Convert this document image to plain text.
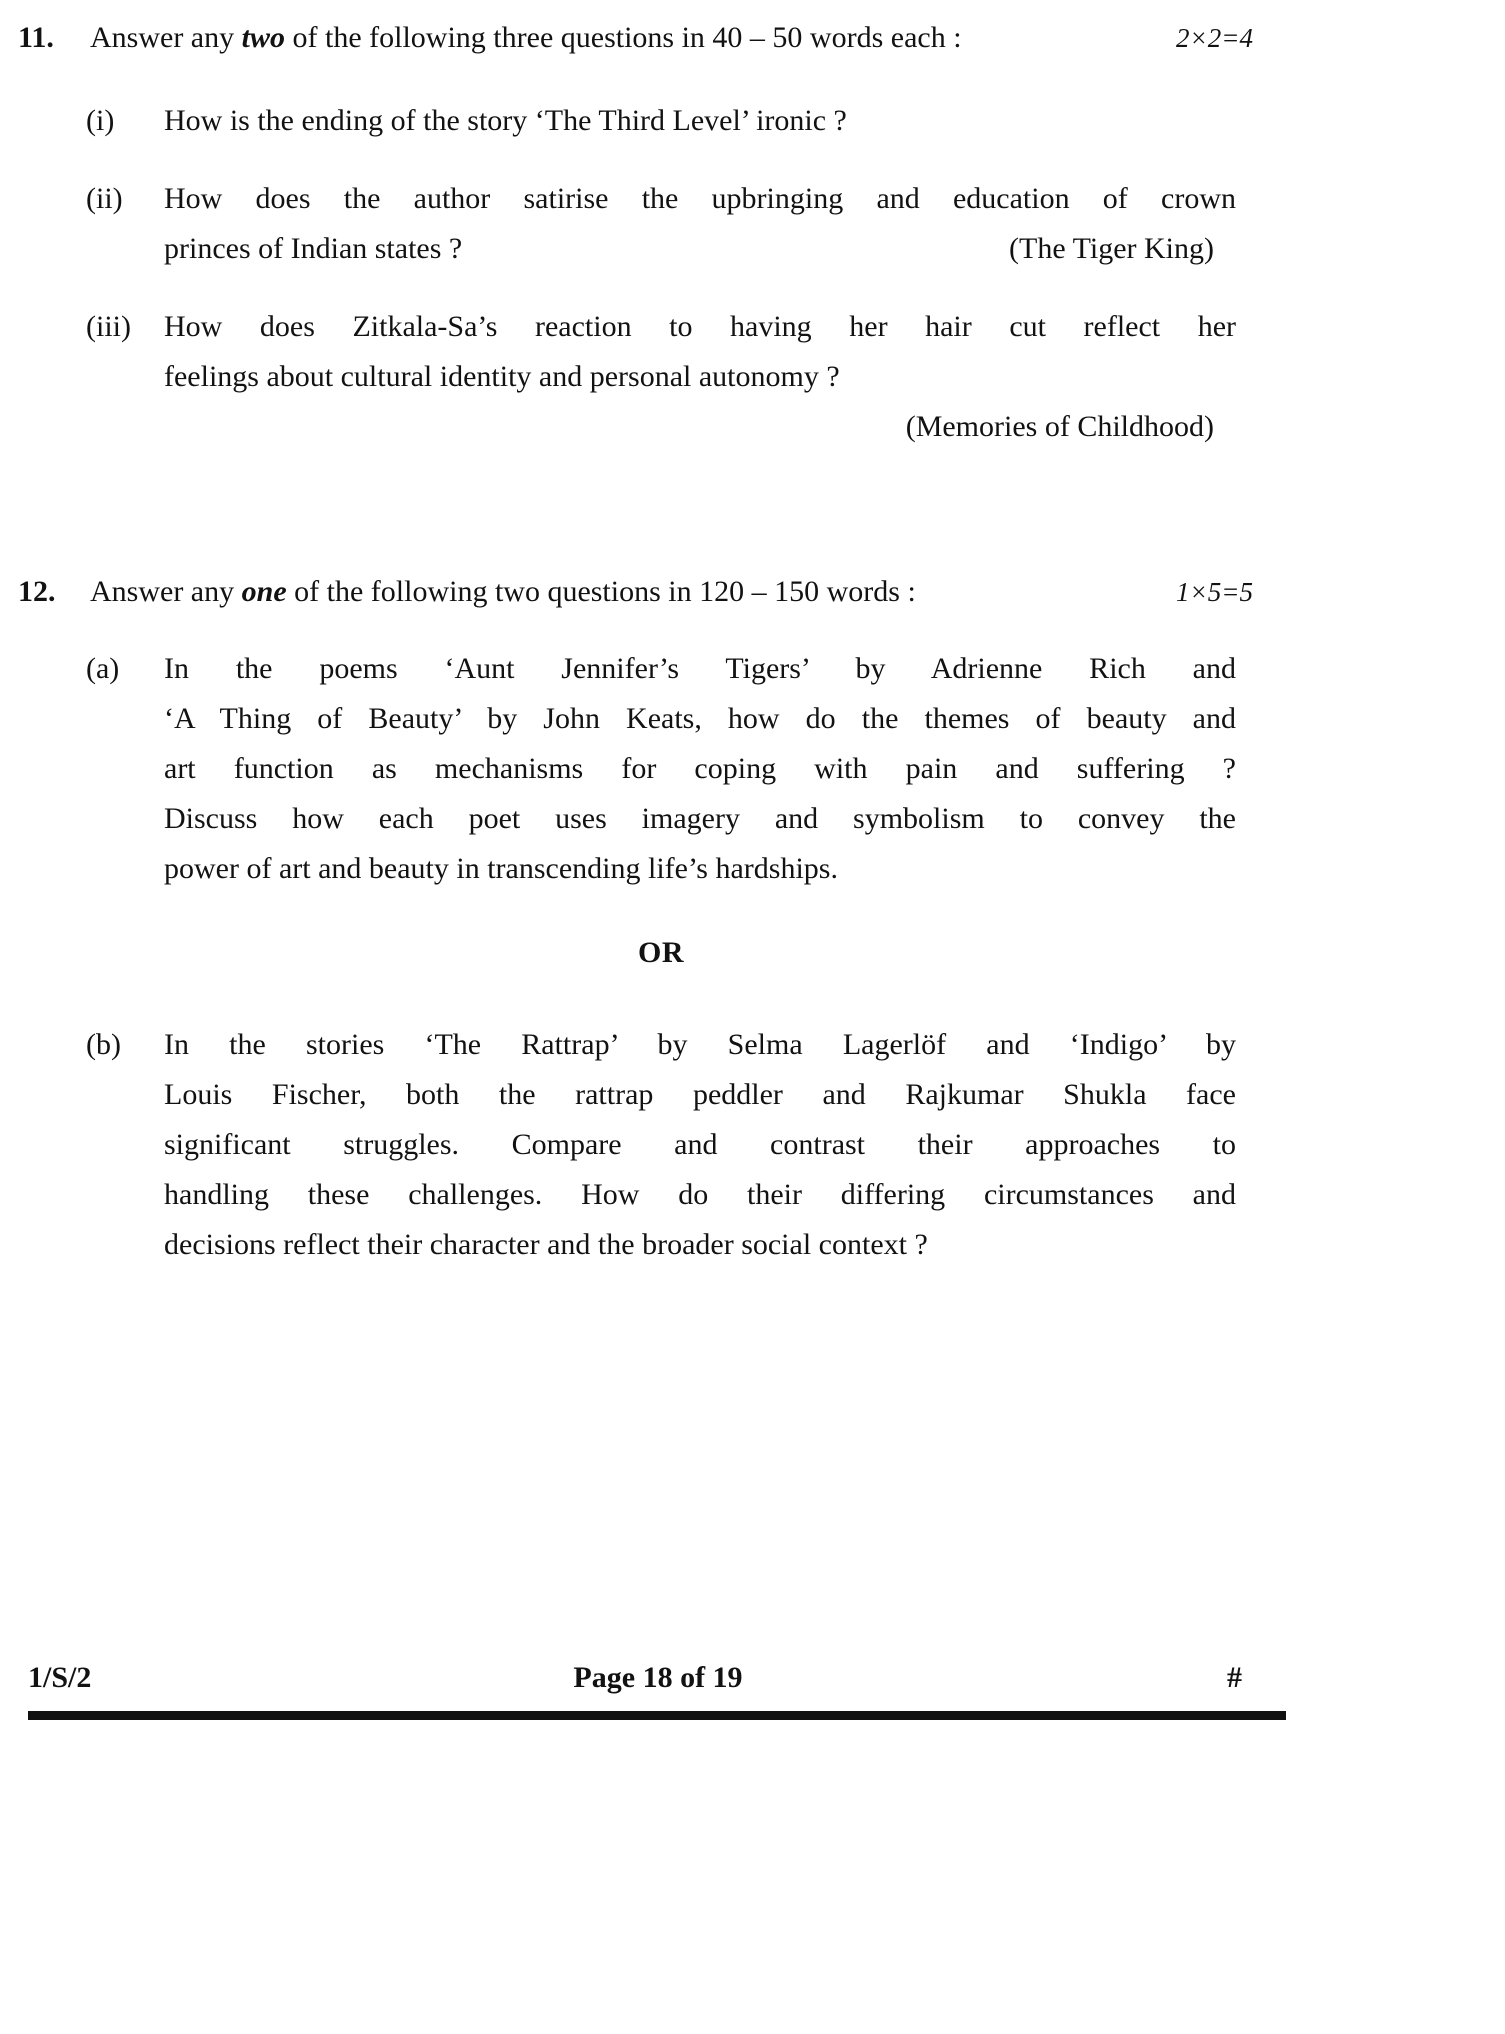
11.	Answer any two of the following three questions in 40 – 50 words each :	2×2=4
(i)	How is the ending of the story ‘The Third Level’ ironic ?
(ii)	How does the author satirise the upbringing and education of crown
princes of Indian states ?	(The Tiger King)
(iii)	How does Zitkala-Sa’s reaction to having her hair cut reflect her
feelings about cultural identity and personal autonomy ?
(Memories of Childhood)
12.	Answer any one of the following two questions in 120 – 150 words :	1×5=5
(a)	In the poems ‘Aunt Jennifer’s Tigers’ by Adrienne Rich and
‘A Thing of Beauty’ by John Keats, how do the themes of beauty and
art function as mechanisms for coping with pain and suffering ?
Discuss how each poet uses imagery and symbolism to convey the
power of art and beauty in transcending life’s hardships.
OR
(b)	In the stories ‘The Rattrap’ by Selma Lagerlöf and ‘Indigo’ by
Louis Fischer, both the rattrap peddler and Rajkumar Shukla face
significant struggles. Compare and contrast their approaches to
handling these challenges. How do their differing circumstances and
decisions reflect their character and the broader social context ?
1/S/2	Page 18 of 19	#
